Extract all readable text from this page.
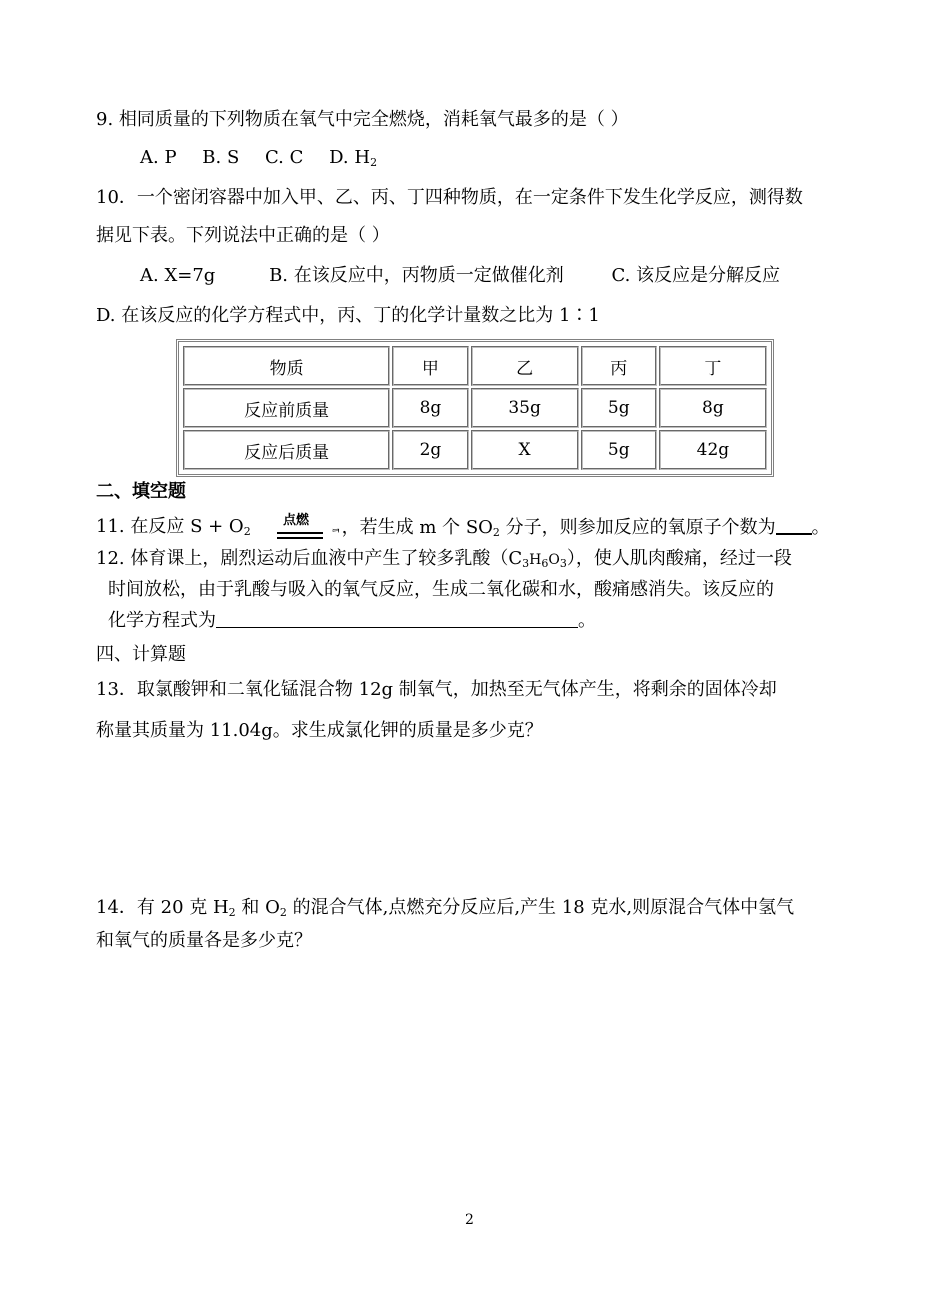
9. 相同质量的下列物质在氧气中完全燃烧，消耗氧气最多的是（ ）
A. P B. S C. C D. $H_2$
10．一个密闭容器中加入甲、乙、丙、丁四种物质，在一定条件下发生化学反应，测得数
据见下表。下列说法中正确的是（ ）
A. X=7g	B. 在该反应中，丙物质一定做催化剂	C. 该反应是分解反应
D. 在该反应的化学方程式中，丙、丁的化学计量数之比为 1∶1
物质	甲	乙	丙	丁
反应前质量	8g	35g	5g	8g
反应后质量	2g	X	5g	42g
二、填空题
11. 在反应 $S + O_2$
点燃 ᆿ，若生成 m 个 $SO_2$ 分子，则参加反应的氧原子个数为 。
12. 体育课上，剧烈运动后血液中产生了较多乳酸（C3H6O3），使人肌肉酸痛，经过一段
时间放松，由于乳酸与吸入的氧气反应，生成二氧化碳和水，酸痛感消失。该反应的
化学方程式为	。
四、计算题
13．取氯酸钾和二氧化锰混合物 12g 制氧气，加热至无气体产生，将剩余的固体冷却
称量其质量为 11.04g。求生成氯化钾的质量是多少克？
14．有 20 克 $H_2$ 和 $O_2$ 的混合气体,点燃充分反应后,产生 18 克水,则原混合气体中氢气
和氧气的质量各是多少克？
2
